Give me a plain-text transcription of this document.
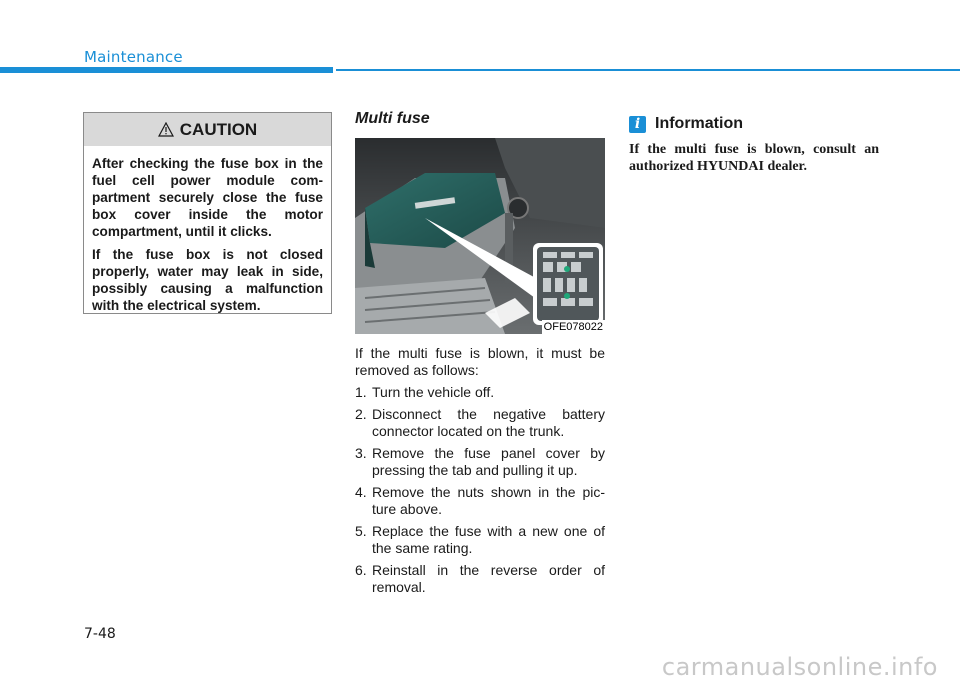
Maintenance
CAUTION

After checking the fuse box in the fuel cell power module com-partment securely close the fuse box cover inside the motor compartment, until it clicks.

If the fuse box is not closed properly, water may leak in side, possibly causing a malfunction with the electrical system.

Multi fuse
OFE078022

If the multi fuse is blown, it must be removed as follows:

1. Turn the vehicle off.
2. Disconnect the negative battery connector located on the trunk.
3. Remove the fuse panel cover by pressing the tab and pulling it up.
4. Remove the nuts shown in the pic-ture above.
5. Replace the fuse with a new one of the same rating.
6. Reinstall in the reverse order of removal.
i Information
If the multi fuse is blown, consult an authorized HYUNDAI dealer.
7-48
carmanualsonline.info
